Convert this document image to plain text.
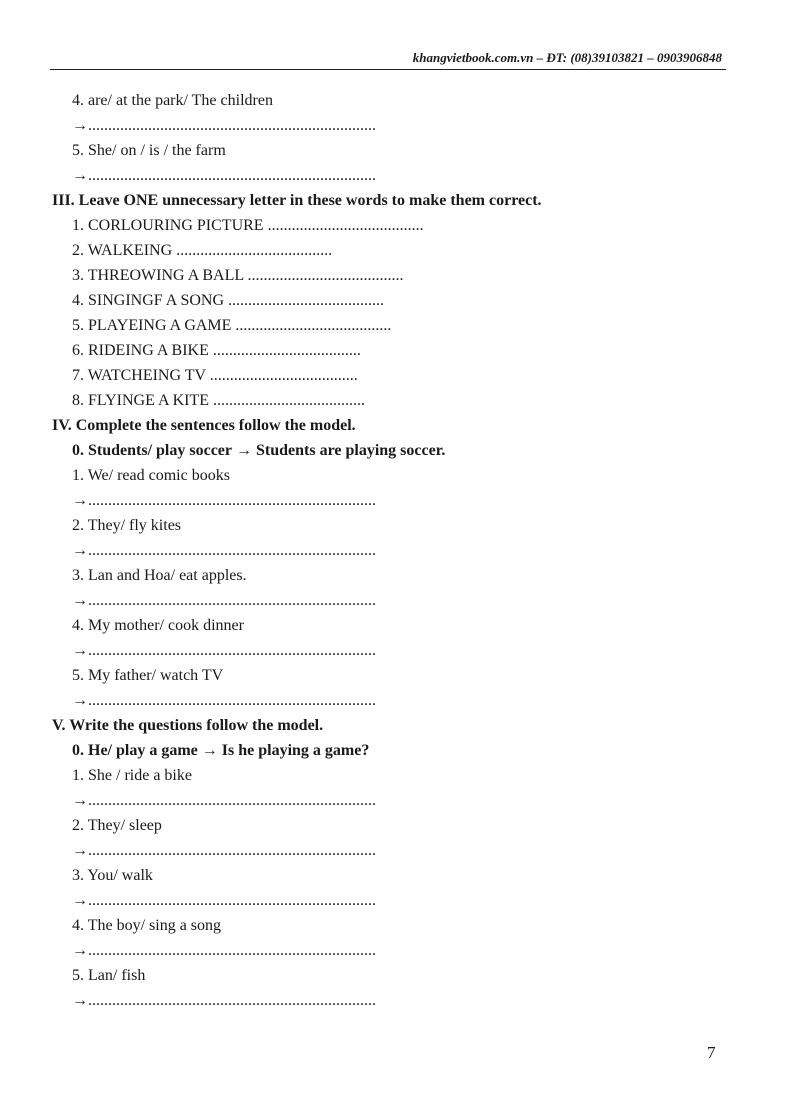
khangvietbook.com.vn – ĐT: (08)39103821 – 0903906848
4. are/ at the park/ The children
→........................................................................
5. She/ on / is / the farm
→........................................................................
III. Leave ONE unnecessary letter in these words to make them correct.
1. CORLOURING PICTURE .......................................
2. WALKEING .......................................
3. THREOWING A BALL .......................................
4. SINGINGF A SONG .......................................
5. PLAYEING A GAME .......................................
6. RIDEING A BIKE .....................................
7. WATCHEING TV .....................................
8. FLYINGE A KITE ......................................
IV. Complete the sentences follow the model.
0. Students/ play soccer → Students are playing soccer.
1. We/ read comic books
→........................................................................
2. They/ fly kites
→........................................................................
3. Lan and Hoa/ eat apples.
→........................................................................
4. My mother/ cook dinner
→........................................................................
5. My father/ watch TV
→........................................................................
V. Write the questions follow the model.
0. He/ play a game → Is he playing a game?
1. She / ride a bike
→........................................................................
2. They/ sleep
→........................................................................
3. You/ walk
→........................................................................
4. The boy/ sing a song
→........................................................................
5. Lan/ fish
→........................................................................
7
